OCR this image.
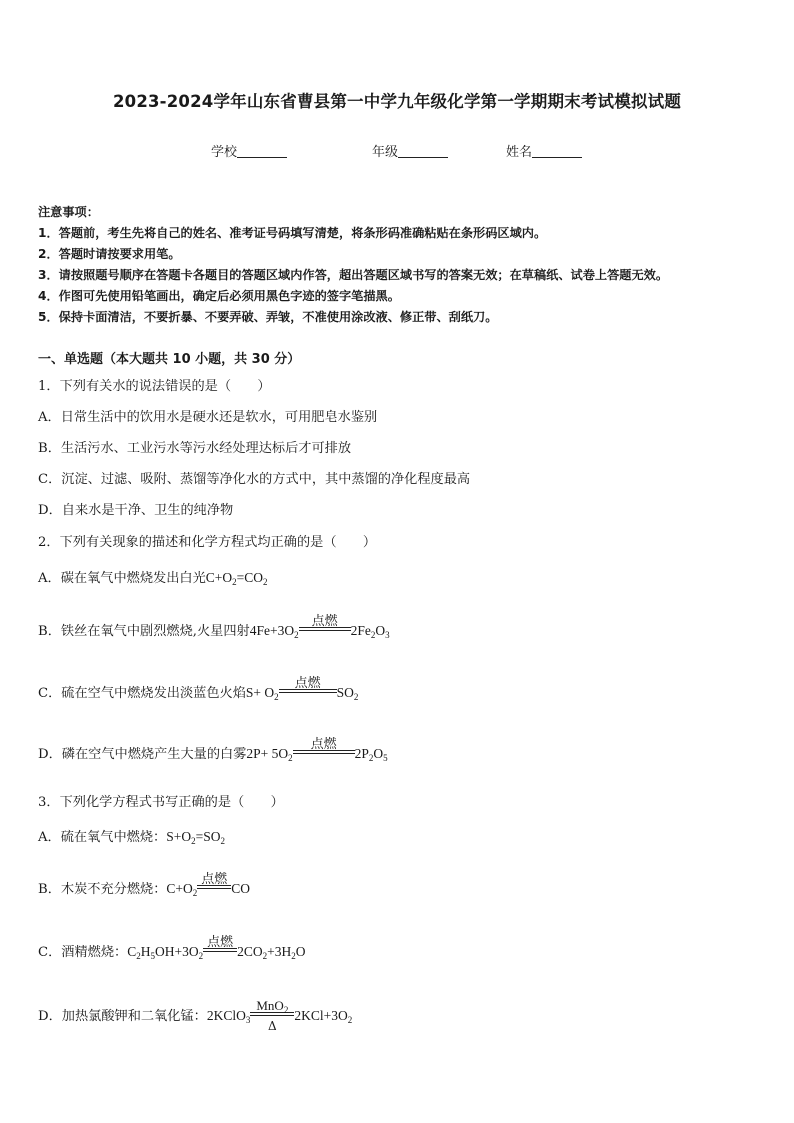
2023-2024学年山东省曹县第一中学九年级化学第一学期期末考试模拟试题
学校	年级	姓名
注意事项：
1．答题前，考生先将自己的姓名、准考证号码填写清楚，将条形码准确粘贴在条形码区域内。
2．答题时请按要求用笔。
3．请按照题号顺序在答题卡各题目的答题区域内作答，超出答题区域书写的答案无效；在草稿纸、试卷上答题无效。
4．作图可先使用铅笔画出，确定后必须用黑色字迹的签字笔描黑。
5．保持卡面清洁，不要折暴、不要弄破、弄皱，不准使用涂改液、修正带、刮纸刀。
一、单选题（本大题共 10 小题，共 30 分）
1．下列有关水的说法错误的是（　　）
A．日常生活中的饮用水是硬水还是软水，可用肥皂水鉴别
B．生活污水、工业污水等污水经处理达标后才可排放
C．沉淀、过滤、吸附、蒸馏等净化水的方式中，其中蒸馏的净化程度最高
D．自来水是干净、卫生的纯净物
2．下列有关现象的描述和化学方程式均正确的是（　　）
A．碳在氧气中燃烧发出白光$C+O_2=CO_2$
B．铁丝在氧气中剧烈燃烧,火星四射$4Fe+3O_2$
点燃
$2Fe_2O_3$
C．硫在空气中燃烧发出淡蓝色火焰$S+ O_2$
点燃
$SO_2$
D．磷在空气中燃烧产生大量的白雾$2P+ 5O_2$
点燃
$2P_2O_5$
3．下列化学方程式书写正确的是（　　）
A．硫在氧气中燃烧：$S+O_2=SO_2$
B．木炭不充分燃烧：$C+O_2$
点燃
CO
C．酒精燃烧：$C_2H_5OH+3O_2$
点燃
$2CO_2+3H_2O$
D．加热氯酸钾和二氧化锰：2KClO$_3$
MnO$_2$
Δ
$2KCl+3O_2$
